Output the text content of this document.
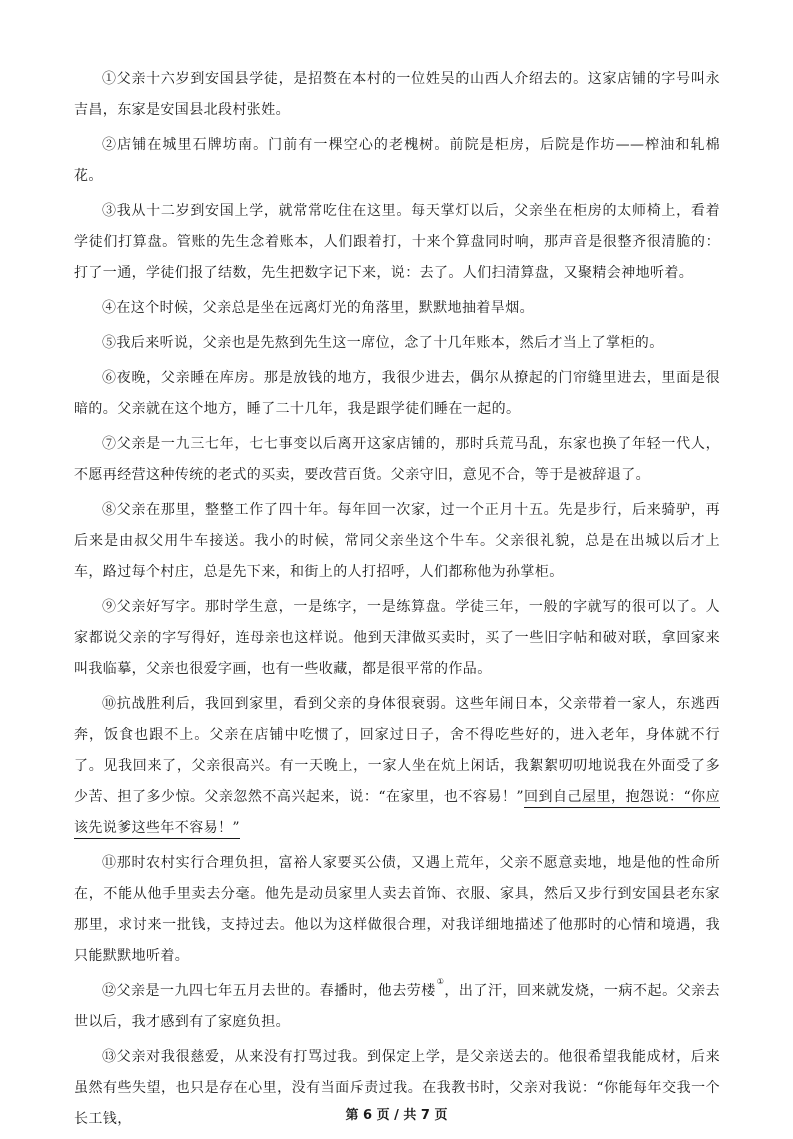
①父亲十六岁到安国县学徒，是招赘在本村的一位姓吴的山西人介绍去的。这家店铺的字号叫永吉昌，东家是安国县北段村张姓。

②店铺在城里石牌坊南。门前有一棵空心的老槐树。前院是柜房，后院是作坊——榨油和轧棉花。

③我从十二岁到安国上学，就常常吃住在这里。每天掌灯以后，父亲坐在柜房的太师椅上，看着学徒们打算盘。管账的先生念着账本，人们跟着打，十来个算盘同时响，那声音是很整齐很清脆的：打了一通，学徒们报了结数，先生把数字记下来，说：去了。人们扫清算盘，又聚精会神地听着。

④在这个时候，父亲总是坐在远离灯光的角落里，默默地抽着旱烟。

⑤我后来听说，父亲也是先熬到先生这一席位，念了十几年账本，然后才当上了掌柜的。

⑥夜晚，父亲睡在库房。那是放钱的地方，我很少进去，偶尔从撩起的门帘缝里进去，里面是很暗的。父亲就在这个地方，睡了二十几年，我是跟学徒们睡在一起的。

⑦父亲是一九三七年，七七事变以后离开这家店铺的，那时兵荒马乱，东家也换了年轻一代人，不愿再经营这种传统的老式的买卖，要改营百货。父亲守旧，意见不合，等于是被辞退了。

⑧父亲在那里，整整工作了四十年。每年回一次家，过一个正月十五。先是步行，后来骑驴，再后来是由叔父用牛车接送。我小的时候，常同父亲坐这个牛车。父亲很礼貌，总是在出城以后才上车，路过每个村庄，总是先下来，和街上的人打招呼，人们都称他为孙掌柜。

⑨父亲好写字。那时学生意，一是练字，一是练算盘。学徒三年，一般的字就写的很可以了。人家都说父亲的字写得好，连母亲也这样说。他到天津做买卖时，买了一些旧字帖和破对联，拿回家来叫我临摹，父亲也很爱字画，也有一些收藏，都是很平常的作品。

⑩抗战胜利后，我回到家里，看到父亲的身体很衰弱。这些年闹日本，父亲带着一家人，东逃西奔，饭食也跟不上。父亲在店铺中吃惯了，回家过日子，舍不得吃些好的，进入老年，身体就不行了。见我回来了，父亲很高兴。有一天晚上，一家人坐在炕上闲话，我絮絮叨叨地说我在外面受了多少苦、担了多少惊。父亲忽然不高兴起来，说：“在家里，也不容易！”回到自己屋里，抱怨说：“你应该先说爹这些年不容易！”

⑪那时农村实行合理负担，富裕人家要买公债，又遇上荒年，父亲不愿意卖地，地是他的性命所在，不能从他手里卖去分毫。他先是动员家里人卖去首饰、衣服、家具，然后又步行到安国县老东家那里，求讨来一批钱，支持过去。他以为这样做很合理，对我详细地描述了他那时的心情和境遇，我只能默默地听着。

⑫父亲是一九四七年五月去世的。春播时，他去劳楼①，出了汗，回来就发烧，一病不起。父亲去世以后，我才感到有了家庭负担。

⑬父亲对我很慈爱，从来没有打骂过我。到保定上学，是父亲送去的。他很希望我能成材，后来虽然有些失望，也只是存在心里，没有当面斥责过我。在我教书时，父亲对我说：“你能每年交我一个长工钱，	第 6 页 / 共 7 页
